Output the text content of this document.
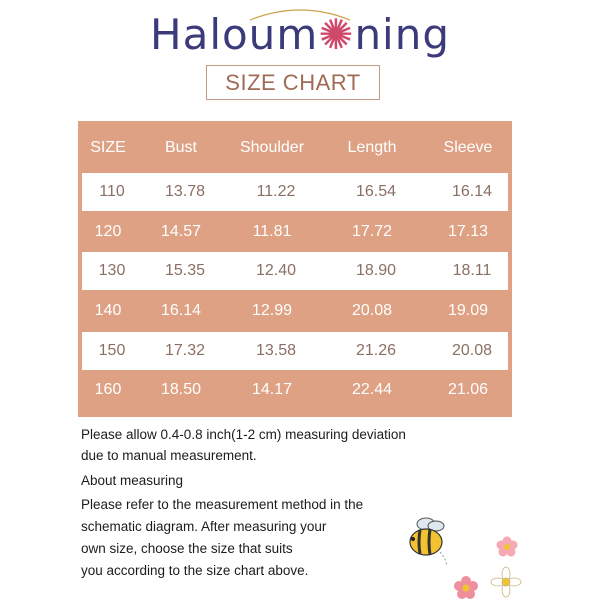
Haloum✺ning
SIZE CHART
SIZE	Bust	Shoulder	Length	Sleeve
110	13.78	11.22	16.54	16.14
120	14.57	11.81	17.72	17.13
130	15.35	12.40	18.90	18.11
140	16.14	12.99	20.08	19.09
150	17.32	13.58	21.26	20.08
160	18.50	14.17	22.44	21.06
Please allow 0.4-0.8 inch(1-2 cm) measuring deviation
due to manual measurement.
About measuring
Please refer to the measurement method in the
schematic diagram. After measuring your
own size, choose the size that suits
you according to the size chart above.
